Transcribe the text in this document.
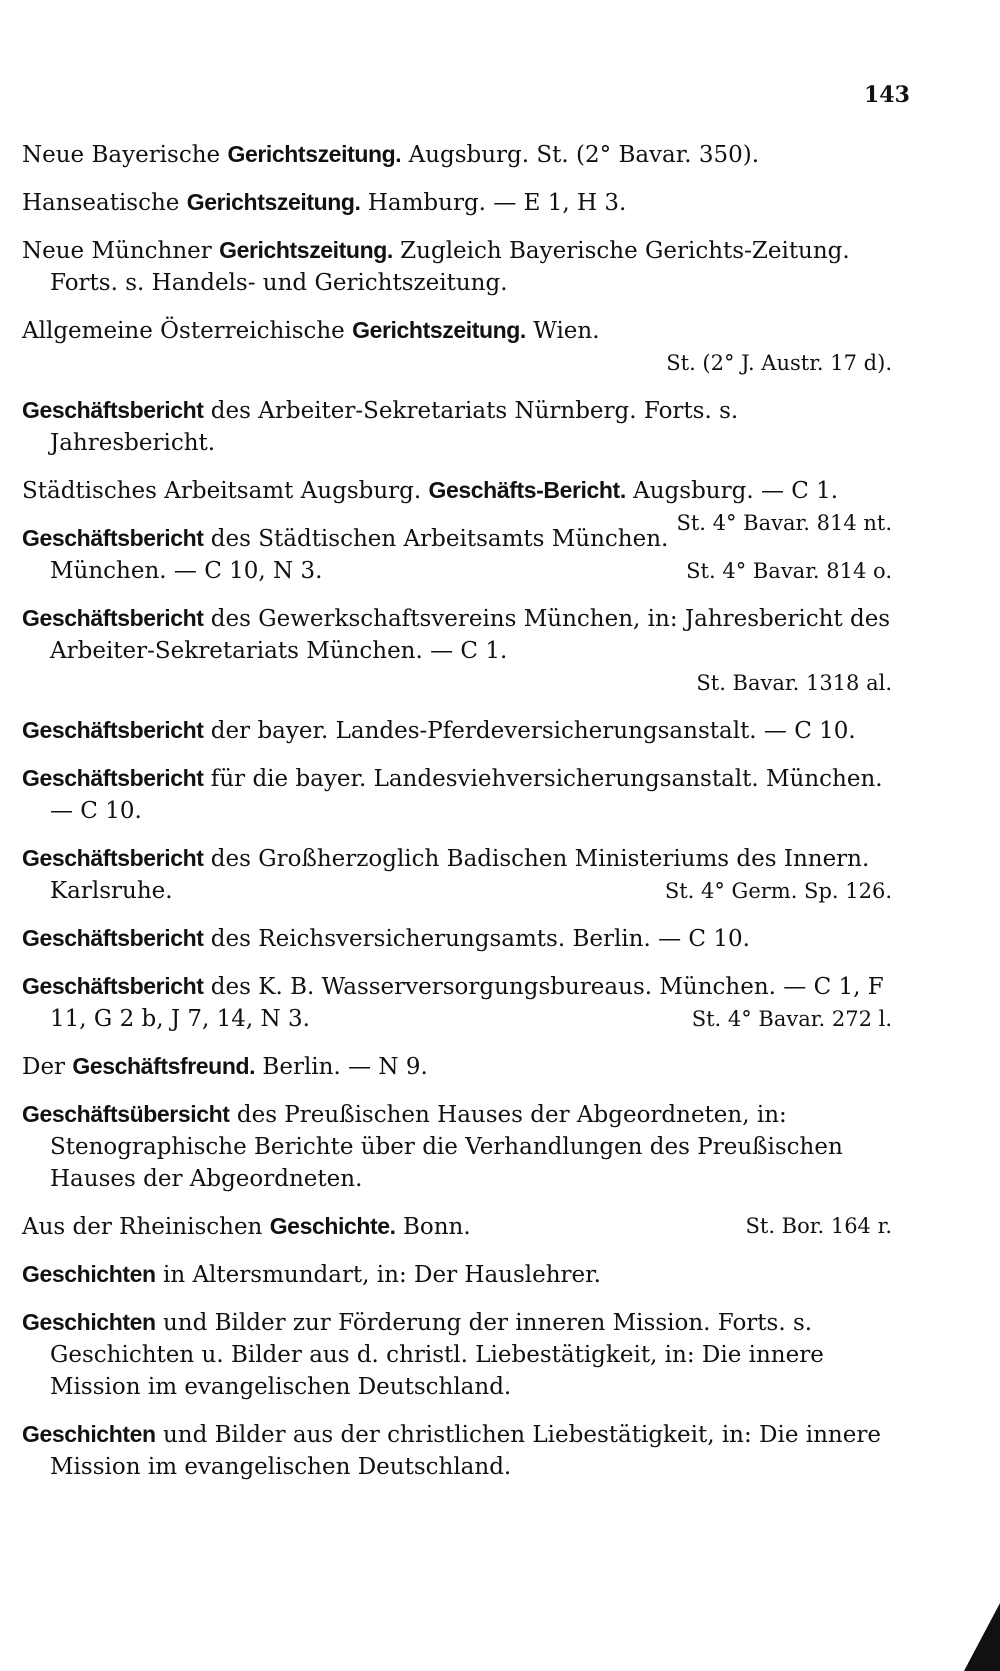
143
Neue Bayerische Gerichtszeitung. Augsburg. St. (2° Bavar. 350).
Hanseatische Gerichtszeitung. Hamburg. — E 1, H 3.
Neue Münchner Gerichtszeitung. Zugleich Bayerische Gerichts-Zeitung. Forts. s. Handels- und Gerichtszeitung.
Allgemeine Österreichische Gerichtszeitung. Wien.
St. (2° J. Austr. 17 d).
Geschäftsbericht des Arbeiter-Sekretariats Nürnberg. Forts. s. Jahresbericht.
Städtisches Arbeitsamt Augsburg. Geschäfts-Bericht. Augsburg. — C 1.
St. 4° Bavar. 814 nt.
Geschäftsbericht des Städtischen Arbeitsamts München. München. — C 10, N 3.	St. 4° Bavar. 814 o.
Geschäftsbericht des Gewerkschaftsvereins München, in: Jahresbericht des Arbeiter-Sekretariats München. — C 1.
St. Bavar. 1318 al.
Geschäftsbericht der bayer. Landes-Pferdeversicherungsanstalt. — C 10.
Geschäftsbericht für die bayer. Landesviehversicherungsanstalt. München. — C 10.
Geschäftsbericht des Großherzoglich Badischen Ministeriums des Innern. Karlsruhe.	St. 4° Germ. Sp. 126.
Geschäftsbericht des Reichsversicherungsamts. Berlin. — C 10.
Geschäftsbericht des K. B. Wasserversorgungsbureaus. München. — C 1, F 11, G 2 b, J 7, 14, N 3.	St. 4° Bavar. 272 l.
Der Geschäftsfreund. Berlin. — N 9.
Geschäftsübersicht des Preußischen Hauses der Abgeordneten, in: Stenographische Berichte über die Verhandlungen des Preußischen Hauses der Abgeordneten.
Aus der Rheinischen Geschichte. Bonn.	St. Bor. 164 r.
Geschichten in Altersmundart, in: Der Hauslehrer.
Geschichten und Bilder zur Förderung der inneren Mission. Forts. s. Geschichten u. Bilder aus d. christl. Liebestätigkeit, in: Die innere Mission im evangelischen Deutschland.
Geschichten und Bilder aus der christlichen Liebestätigkeit, in: Die innere Mission im evangelischen Deutschland.
